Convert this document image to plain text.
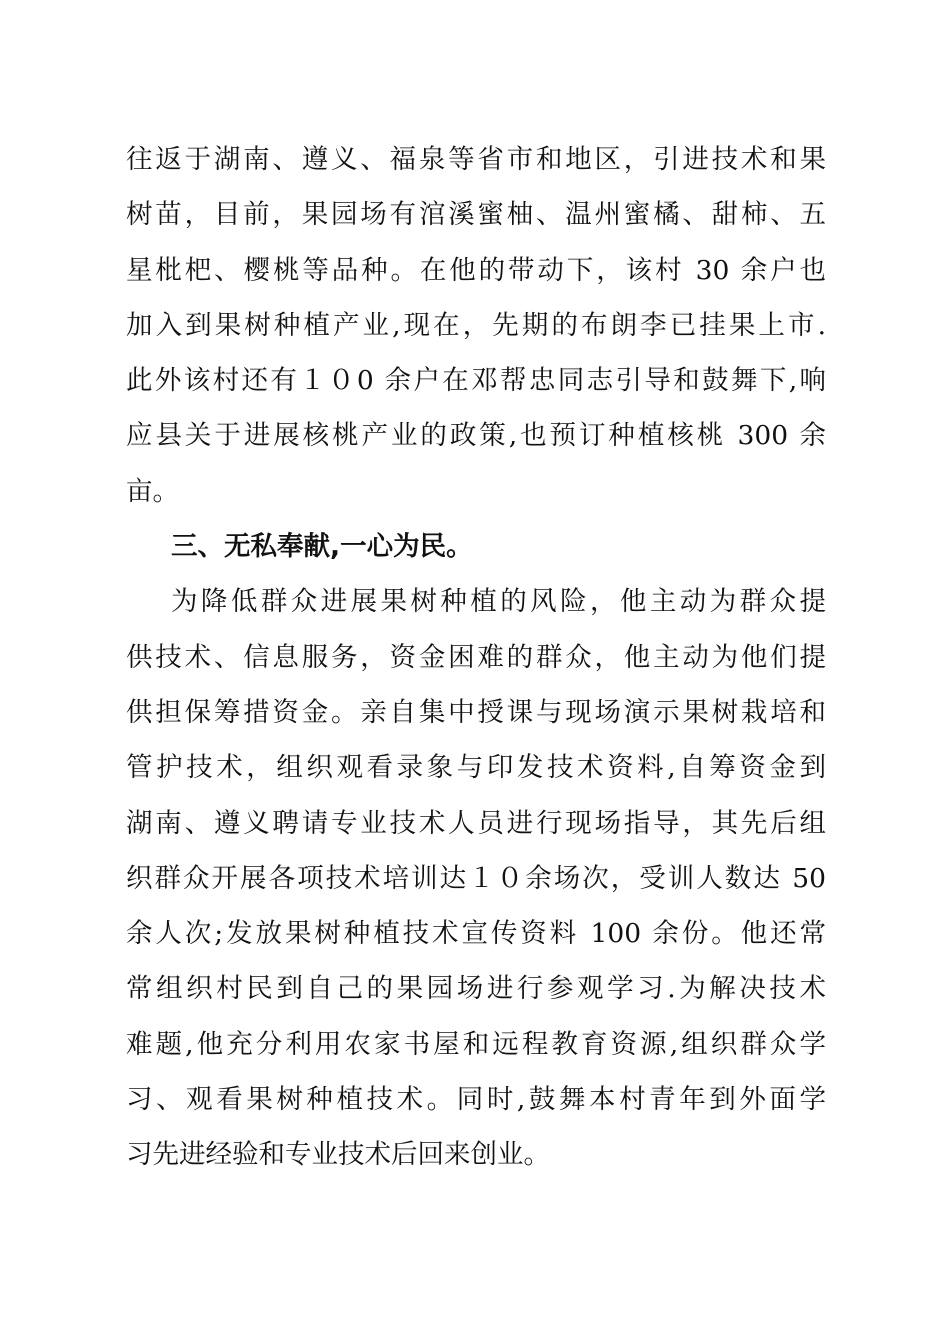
往返于湖南、遵义、福泉等省市和地区，引进技术和果
树苗，目前，果园场有涫溪蜜柚、温州蜜橘、甜柿、五
星枇杷、樱桃等品种。在他的带动下，该村 30 余户也
加入到果树种植产业,现在，先期的布朗李已挂果上市.
此外该村还有１０0 余户在邓帮忠同志引导和鼓舞下,响
应县关于进展核桃产业的政策,也预订种植核桃 300 余
亩。
三、无私奉献,一心为民。
为降低群众进展果树种植的风险，他主动为群众提
供技术、信息服务，资金困难的群众，他主动为他们提
供担保筹措资金。亲自集中授课与现场演示果树栽培和
管护技术，组织观看录象与印发技术资料,自筹资金到
湖南、遵义聘请专业技术人员进行现场指导，其先后组
织群众开展各项技术培训达１０余场次，受训人数达 50
余人次;发放果树种植技术宣传资料 100 余份。他还常
常组织村民到自己的果园场进行参观学习.为解决技术
难题,他充分利用农家书屋和远程教育资源,组织群众学
习、观看果树种植技术。同时,鼓舞本村青年到外面学
习先进经验和专业技术后回来创业。
